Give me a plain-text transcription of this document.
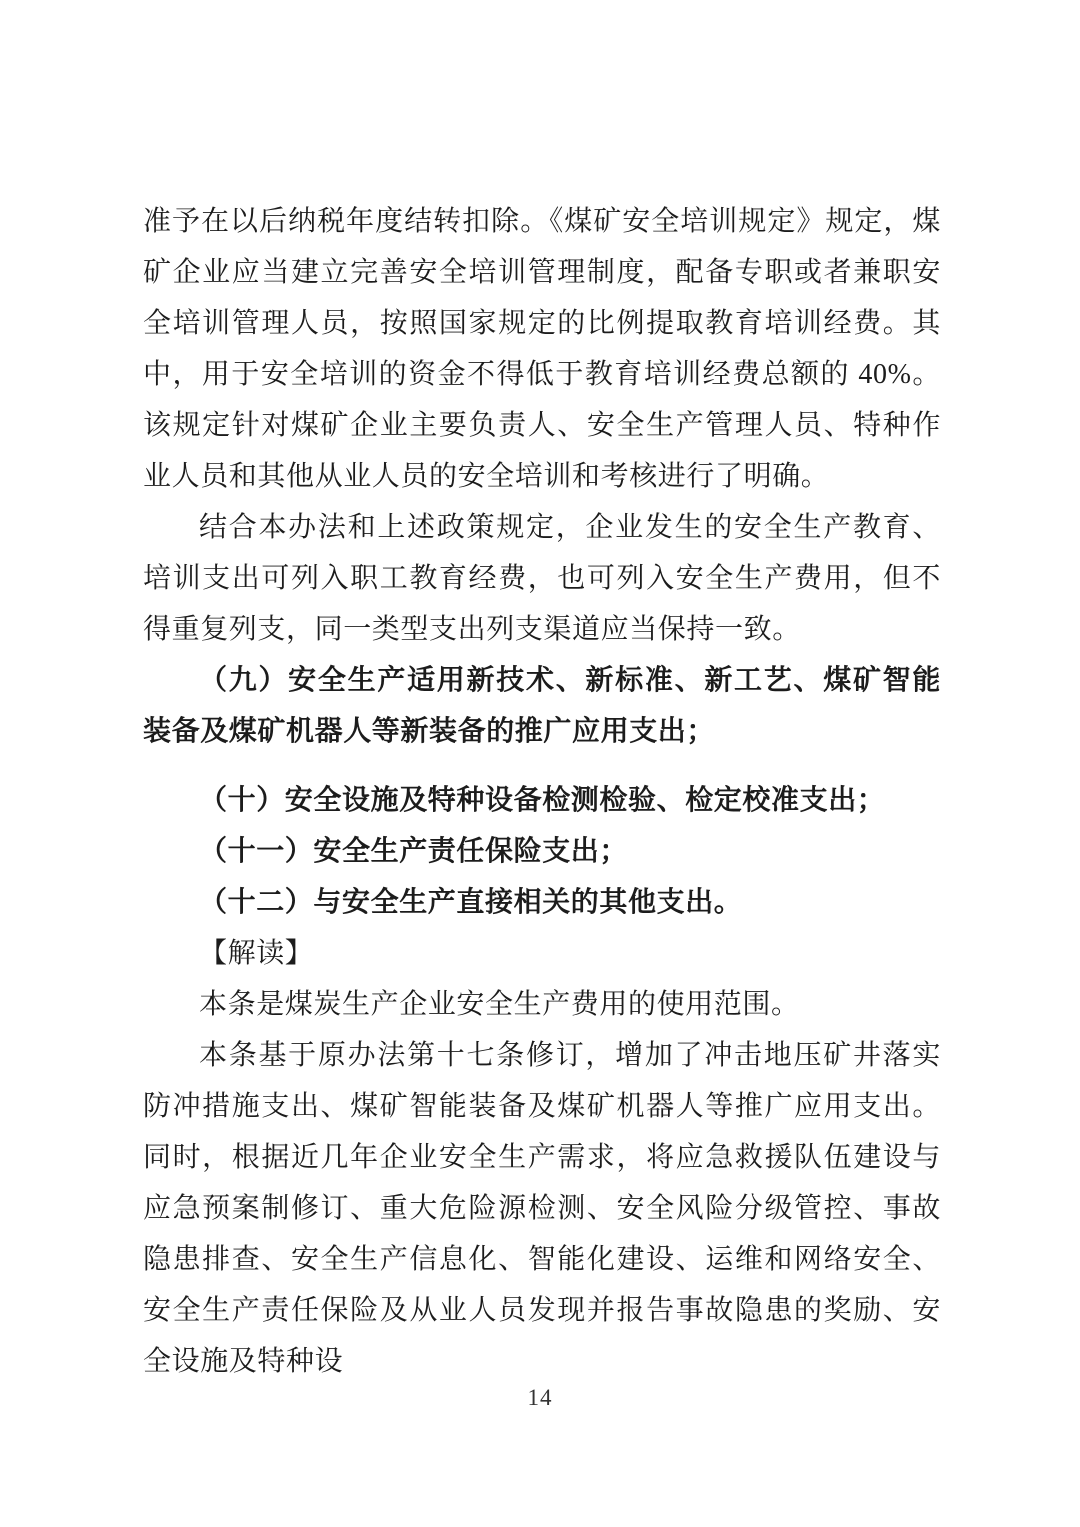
准予在以后纳税年度结转扣除。《煤矿安全培训规定》规定，煤矿企业应当建立完善安全培训管理制度，配备专职或者兼职安全培训管理人员，按照国家规定的比例提取教育培训经费。其中，用于安全培训的资金不得低于教育培训经费总额的 40%。该规定针对煤矿企业主要负责人、安全生产管理人员、特种作业人员和其他从业人员的安全培训和考核进行了明确。

结合本办法和上述政策规定，企业发生的安全生产教育、培训支出可列入职工教育经费，也可列入安全生产费用，但不得重复列支，同一类型支出列支渠道应当保持一致。

（九）安全生产适用新技术、新标准、新工艺、煤矿智能装备及煤矿机器人等新装备的推广应用支出；

（十）安全设施及特种设备检测检验、检定校准支出；

（十一）安全生产责任保险支出；

（十二）与安全生产直接相关的其他支出。

【解读】

本条是煤炭生产企业安全生产费用的使用范围。

本条基于原办法第十七条修订，增加了冲击地压矿井落实防冲措施支出、煤矿智能装备及煤矿机器人等推广应用支出。同时，根据近几年企业安全生产需求，将应急救援队伍建设与应急预案制修订、重大危险源检测、安全风险分级管控、事故隐患排查、安全生产信息化、智能化建设、运维和网络安全、安全生产责任保险及从业人员发现并报告事故隐患的奖励、安全设施及特种设

14
